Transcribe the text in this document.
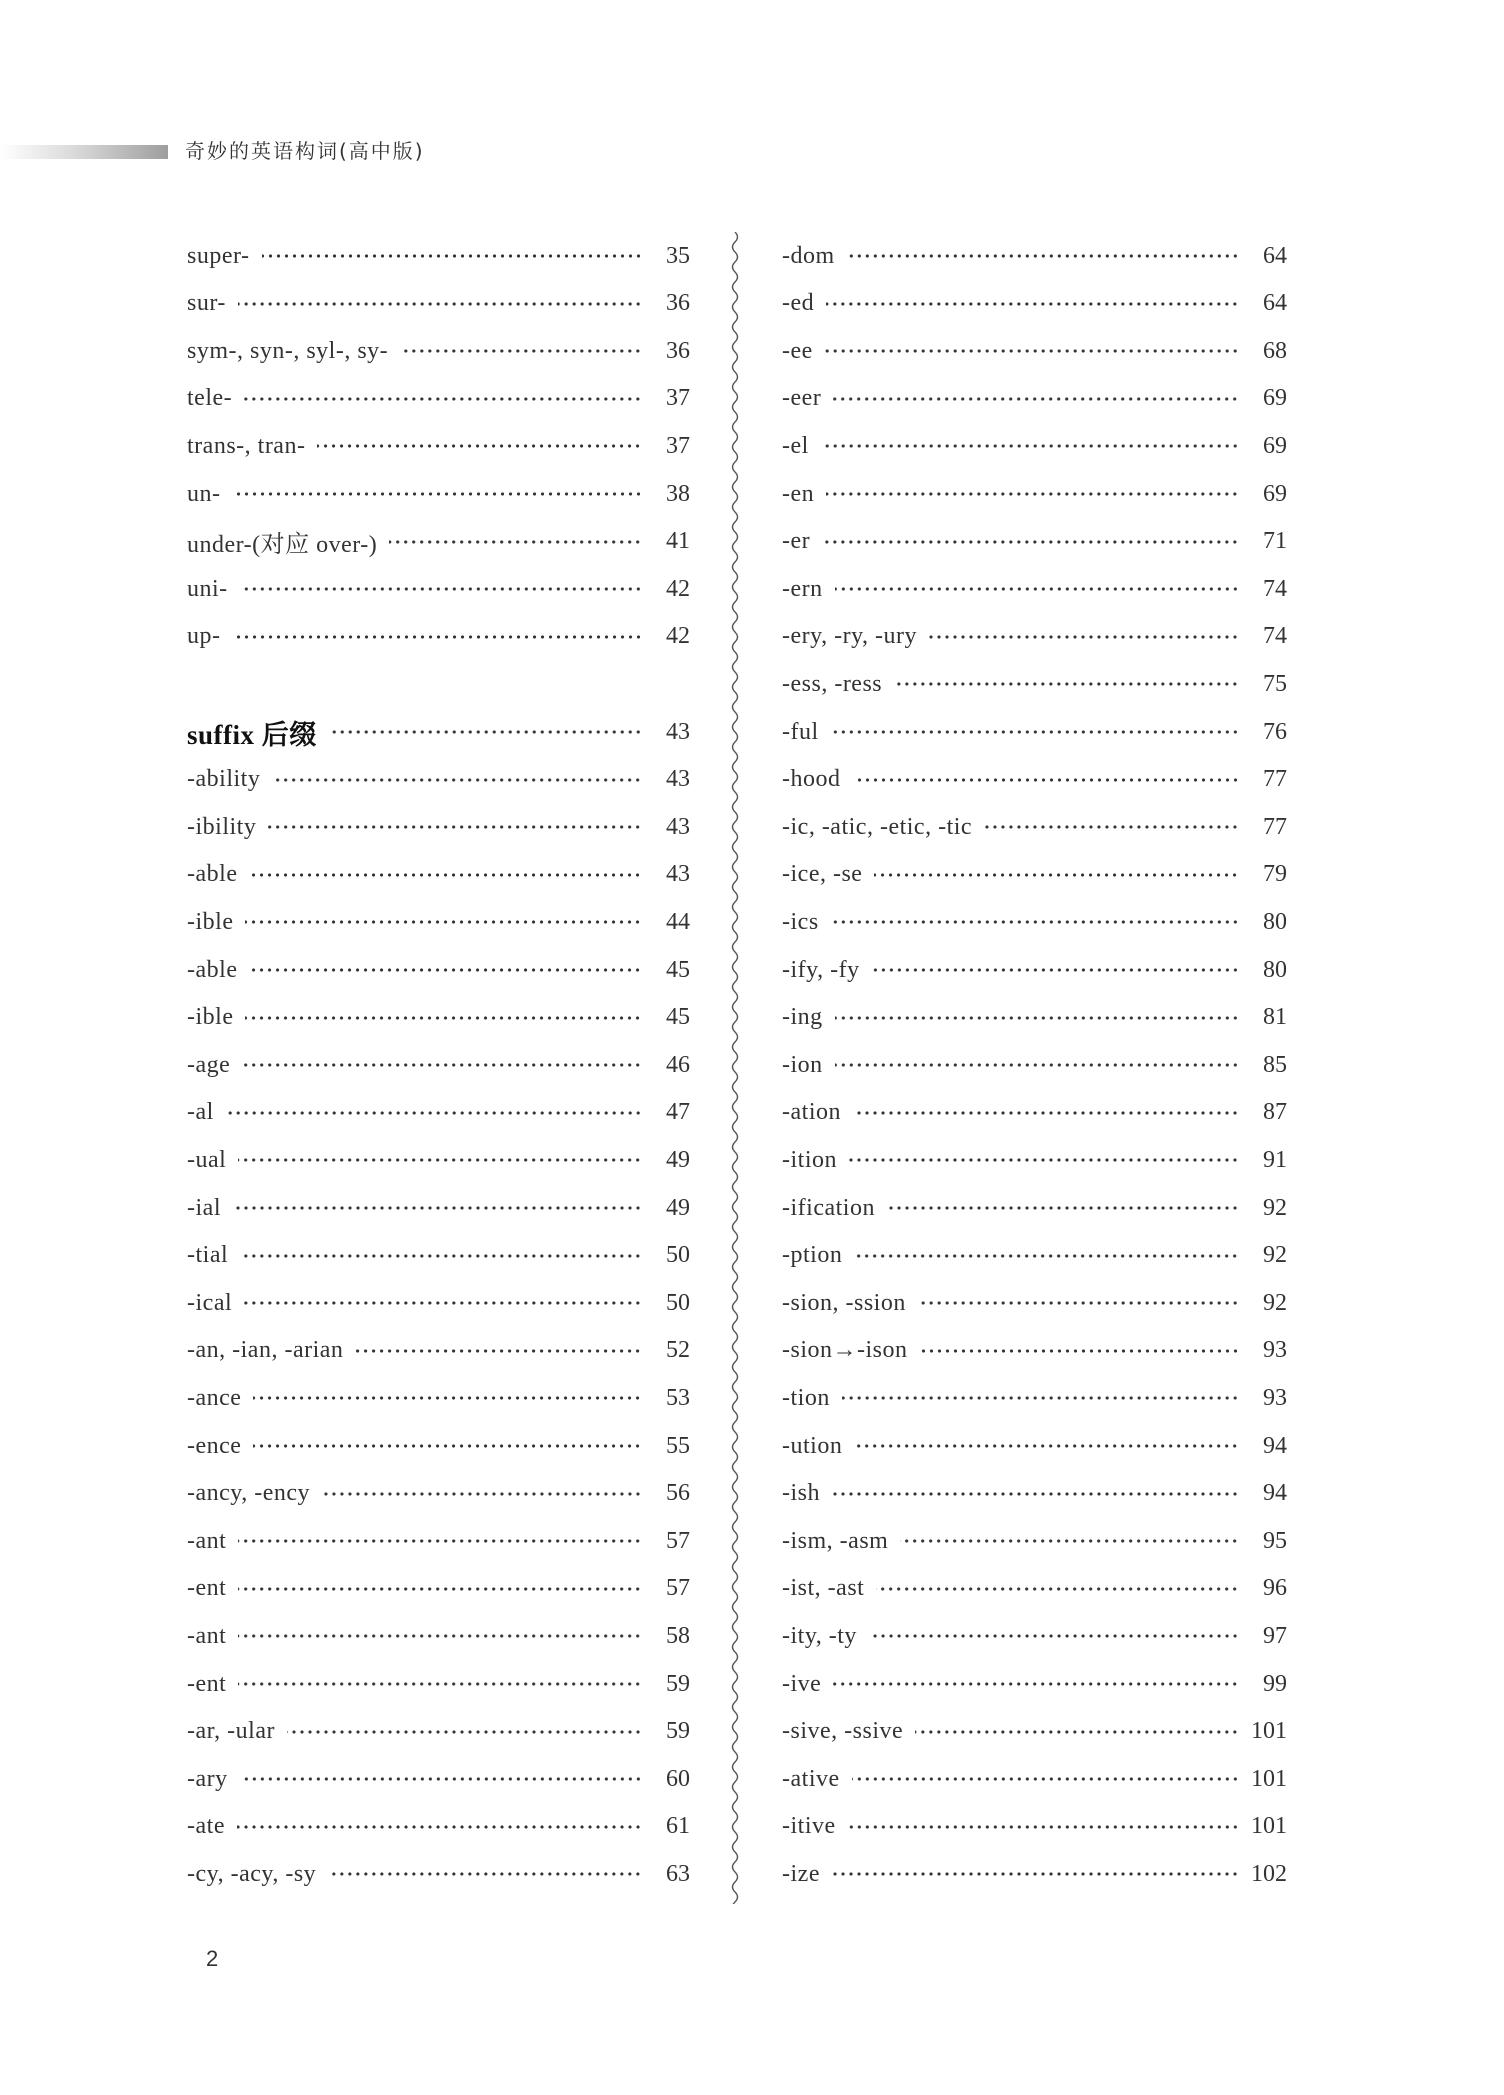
奇妙的英语构词(高中版)
super-	35
sur-	36
sym-, syn-, syl-, sy-	36
tele-	37
trans-, tran-	37
un-	38
under-(对应 over-)	41
uni-	42
up-	42
suffix 后缀	43
-ability	43
-ibility	43
-able	43
-ible	44
-able	45
-ible	45
-age	46
-al	47
-ual	49
-ial	49
-tial	50
-ical	50
-an, -ian, -arian	52
-ance	53
-ence	55
-ancy, -ency	56
-ant	57
-ent	57
-ant	58
-ent	59
-ar, -ular	59
-ary	60
-ate	61
-cy, -acy, -sy	63
-dom	64
-ed	64
-ee	68
-eer	69
-el	69
-en	69
-er	71
-ern	74
-ery, -ry, -ury	74
-ess, -ress	75
-ful	76
-hood	77
-ic, -atic, -etic, -tic	77
-ice, -se	79
-ics	80
-ify, -fy	80
-ing	81
-ion	85
-ation	87
-ition	91
-ification	92
-ption	92
-sion, -ssion	92
-sion→-ison	93
-tion	93
-ution	94
-ish	94
-ism, -asm	95
-ist, -ast	96
-ity, -ty	97
-ive	99
-sive, -ssive	101
-ative	101
-itive	101
-ize	102
2
